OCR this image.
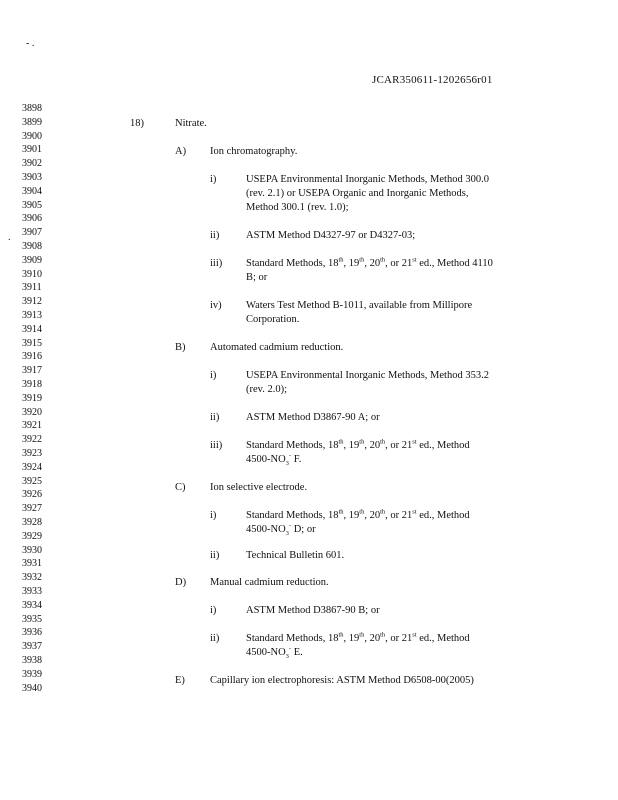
- .
.
JCAR350611-1202656r01
3898
3899
3900
3901
3902
3903
3904
3905
3906
3907
3908
3909
3910
3911
3912
3913
3914
3915
3916
3917
3918
3919
3920
3921
3922
3923
3924
3925
3926
3927
3928
3929
3930
3931
3932
3933
3934
3935
3936
3937
3938
3939
3940
18)	Nitrate.
A) Ion chromatography.
i)	USEPA Environmental Inorganic Methods, Method 300.0
(rev. 2.1) or USEPA Organic and Inorganic Methods,
Method 300.1 (rev. 1.0);
ii)	ASTM Method D4327-97 or D4327-03;
iii) Standard Methods, 18th, 19th, 20th, or 21st ed., Method 4110
B; or
iv) Waters Test Method B-1011, available from Millipore
Corporation.
B) Automated cadmium reduction.
i)	USEPA Environmental Inorganic Methods, Method 353.2
(rev. 2.0);
ii)	ASTM Method D3867-90 A; or
iii) Standard Methods, 18th, 19th, 20th, or 21st ed., Method
$4500-NO_3^-$ F.
C) Ion selective electrode.
i)	Standard Methods, 18th, 19th, 20th, or 21st ed., Method
$4500-NO_3^-$ D; or
ii)	Technical Bulletin 601.
D) Manual cadmium reduction.
i)	ASTM Method D3867-90 B; or
ii)	Standard Methods, 18th, 19th, 20th, or 21st ed., Method
$4500-NO_3^-$ E.
E) Capillary ion electrophoresis: ASTM Method D6508-00(2005)
